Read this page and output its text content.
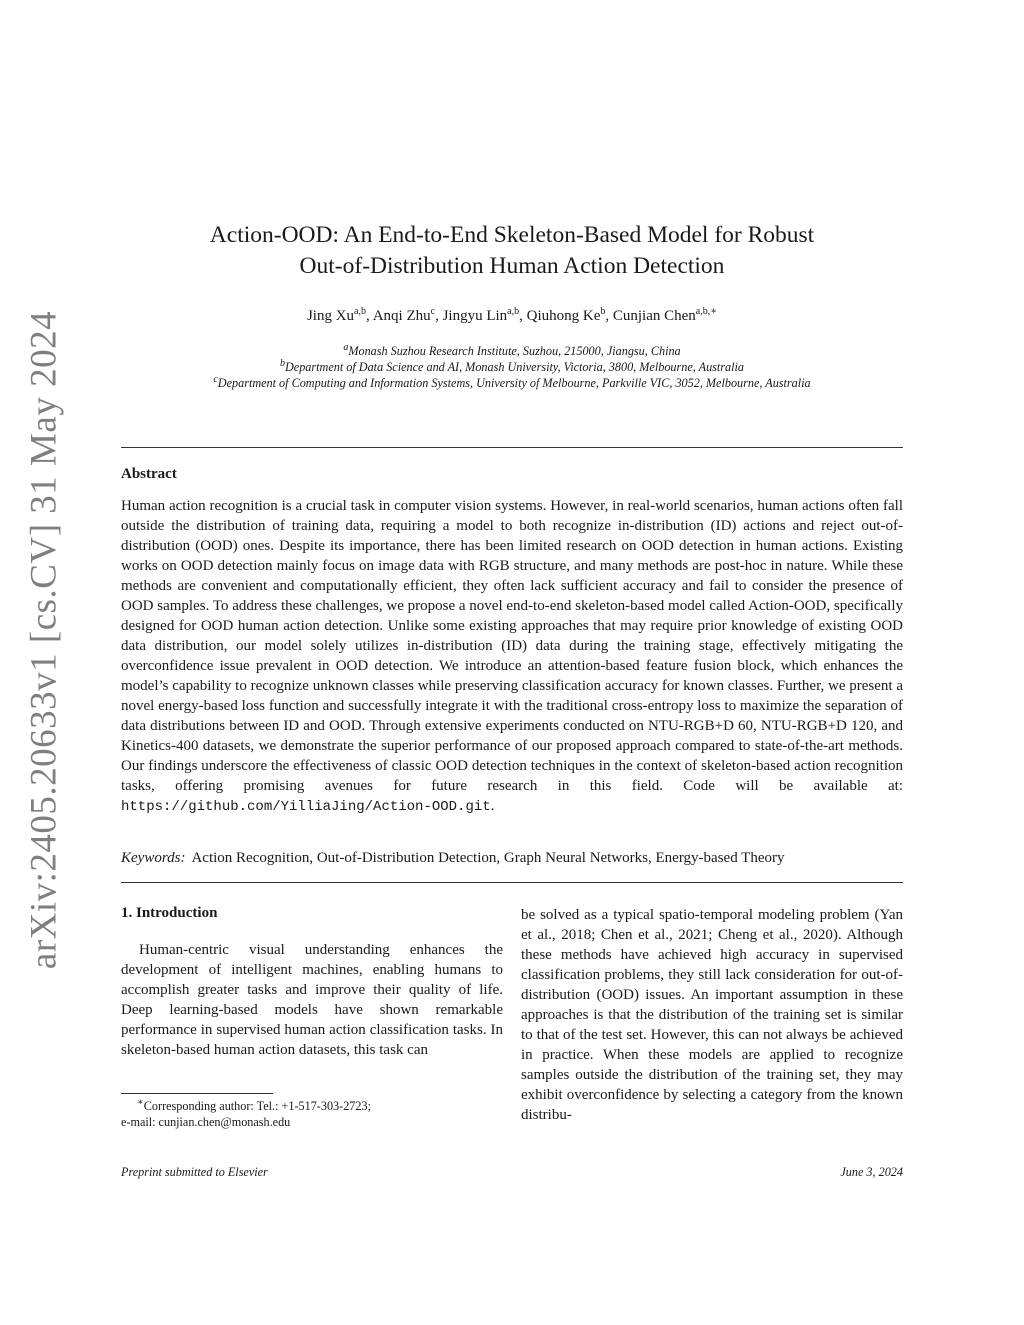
arXiv:2405.20633v1 [cs.CV] 31 May 2024
Action-OOD: An End-to-End Skeleton-Based Model for Robust
Out-of-Distribution Human Action Detection
Jing Xu$^{a,b}$, Anqi Zhu$^c$, Jingyu Lin$^{a,b}$, Qiuhong Ke$^b$, Cunjian Chen$^{a,b,∗}$
$^a$Monash Suzhou Research Institute, Suzhou, 215000, Jiangsu, China
$^b$Department of Data Science and AI, Monash University, Victoria, 3800, Melbourne, Australia
$^c$Department of Computing and Information Systems, University of Melbourne, Parkville VIC, 3052, Melbourne, Australia
Abstract
Human action recognition is a crucial task in computer vision systems. However, in real-world scenarios, human actions often fall outside the distribution of training data, requiring a model to both recognize in-distribution (ID) actions and reject out-of-distribution (OOD) ones. Despite its importance, there has been limited research on OOD detection in human actions. Existing works on OOD detection mainly focus on image data with RGB structure, and many methods are post-hoc in nature. While these methods are convenient and computationally efficient, they often lack sufficient accuracy and fail to consider the presence of OOD samples. To address these challenges, we propose a novel end-to-end skeleton-based model called Action-OOD, specifically designed for OOD human action detection. Unlike some existing approaches that may require prior knowledge of existing OOD data distribution, our model solely utilizes in-distribution (ID) data during the training stage, effectively mitigating the overconfidence issue prevalent in OOD detection. We introduce an attention-based feature fusion block, which enhances the model’s capability to recognize unknown classes while preserving classification accuracy for known classes. Further, we present a novel energy-based loss function and successfully integrate it with the traditional cross-entropy loss to maximize the separation of data distributions between ID and OOD. Through extensive experiments conducted on NTU-RGB+D 60, NTU-RGB+D 120, and Kinetics-400 datasets, we demonstrate the superior performance of our proposed approach compared to state-of-the-art methods. Our findings underscore the effectiveness of classic OOD detection techniques in the context of skeleton-based action recognition tasks, offering promising avenues for future research in this field. Code will be available at: https://github.com/YilliaJing/Action-OOD.git.
Keywords: Action Recognition, Out-of-Distribution Detection, Graph Neural Networks, Energy-based Theory
1. Introduction
Human-centric visual understanding enhances the development of intelligent machines, enabling humans to accomplish greater tasks and improve their quality of life. Deep learning-based models have shown remarkable performance in supervised human action classification tasks. In skeleton-based human action datasets, this task can
be solved as a typical spatio-temporal modeling problem (Yan et al., 2018; Chen et al., 2021; Cheng et al., 2020). Although these methods have achieved high accuracy in supervised classification problems, they still lack consideration for out-of-distribution (OOD) issues. An important assumption in these approaches is that the distribution of the training set is similar to that of the test set. However, this can not always be achieved in practice. When these models are applied to recognize samples outside the distribution of the training set, they may exhibit overconfidence by selecting a category from the known distribu-
∗Corresponding author: Tel.: +1-517-303-2723;
e-mail: cunjian.chen@monash.edu
Preprint submitted to Elsevier	June 3, 2024
